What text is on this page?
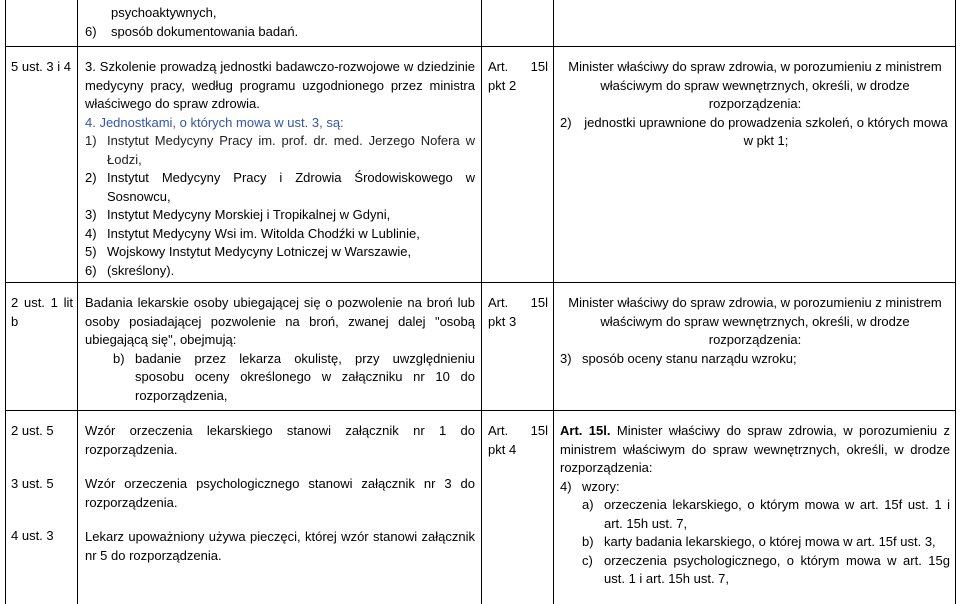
psychoaktywnych,

6)	sposób dokumentowania badań.

5 ust. 3 i 4 3. Szkolenie prowadzą jednostki badawczo-rozwojowe w dziedzinie medycyny pracy, według programu uzgodnionego przez ministra właściwego do spraw zdrowia.

4. Jednostkami, o których mowa w ust. 3, są:

1) Instytut Medycyny Pracy im. prof. dr. med. Jerzego Nofera w Łodzi,
2) Instytut Medycyny Pracy i Zdrowia Środowiskowego w Sosnowcu,
3) Instytut Medycyny Morskiej i Tropikalnej w Gdyni,
4) Instytut Medycyny Wsi im. Witolda Chodźki w Lublinie,
5) Wojskowy Instytut Medycyny Lotniczej w Warszawie,
6) (skreślony).

Art. 15l pkt 2

Minister właściwy do spraw zdrowia, w porozumieniu z ministrem właściwym do spraw wewnętrznych, określi, w drodze rozporządzenia:

2) jednostki uprawnione do prowadzenia szkoleń, o których mowa w pkt 1;

2 ust. 1 lit b

Badania lekarskie osoby ubiegającej się o pozwolenie na broń lub osoby posiadającej pozwolenie na broń, zwanej dalej "osobą ubiegającą się", obejmują:

b) badanie przez lekarza okulistę, przy uwzględnieniu sposobu oceny określonego w załączniku nr 10 do rozporządzenia,

Art. 15l pkt 3

Minister właściwy do spraw zdrowia, w porozumieniu z ministrem właściwym do spraw wewnętrznych, określi, w drodze rozporządzenia:

3) sposób oceny stanu narządu wzroku;

2 ust. 5

3 ust. 5

4 ust. 3

Wzór orzeczenia lekarskiego stanowi załącznik nr 1 do rozporządzenia.

Wzór orzeczenia psychologicznego stanowi załącznik nr 3 do rozporządzenia.

Lekarz upoważniony używa pieczęci, której wzór stanowi załącznik nr 5 do rozporządzenia.

Art. 15l pkt 4

Art. 15l. Minister właściwy do spraw zdrowia, w porozumieniu z ministrem właściwym do spraw wewnętrznych, określi, w drodze rozporządzenia:

4) wzory:
a) orzeczenia lekarskiego, o którym mowa w art. 15f ust. 1 i art. 15h ust. 7,
b) karty badania lekarskiego, o której mowa w art. 15f ust. 3,
c) orzeczenia psychologicznego, o którym mowa w art. 15g ust. 1 i art. 15h ust. 7,
